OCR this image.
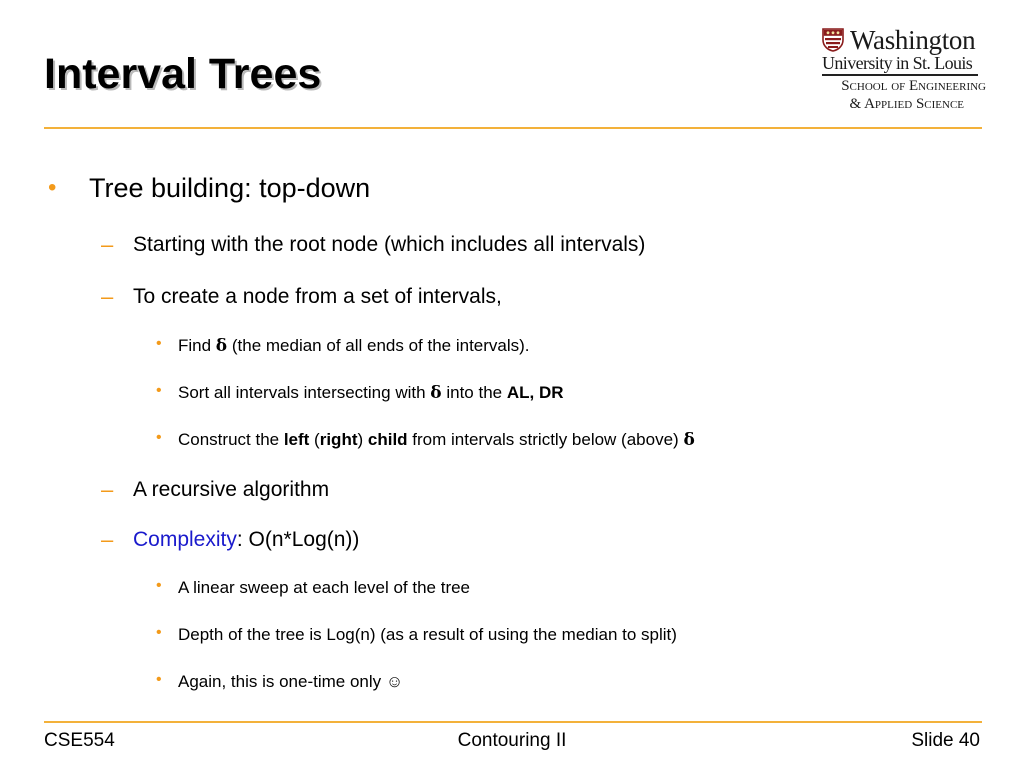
Interval Trees
Washington
University in St. Louis
School of Engineering
& Applied Science
• Tree building: top-down
– Starting with the root node (which includes all intervals)
– To create a node from a set of intervals,
• Find δ (the median of all ends of the intervals).
• Sort all intervals intersecting with δ into the AL, DR
• Construct the left (right) child from intervals strictly below (above) δ
– A recursive algorithm
– Complexity: O(n*Log(n))
• A linear sweep at each level of the tree
• Depth of the tree is Log(n) (as a result of using the median to split)
• Again, this is one-time only ☺
CSE554	Contouring II	Slide 40
